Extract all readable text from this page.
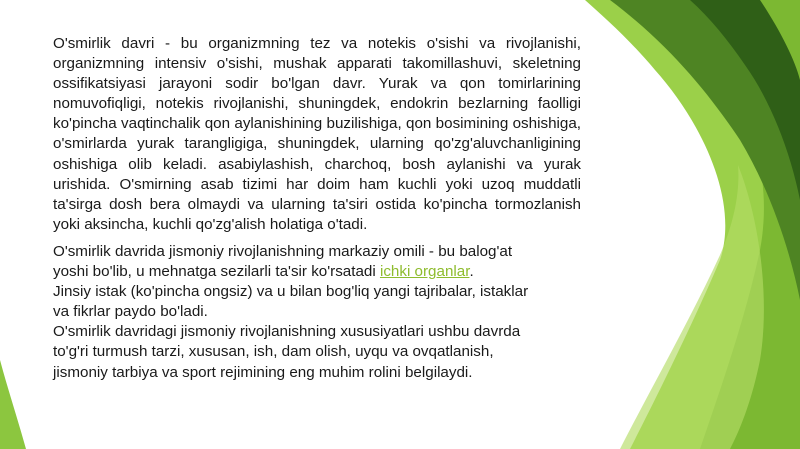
O'smirlik davri - bu organizmning tez va notekis o'sishi va rivojlanishi, organizmning intensiv o'sishi, mushak apparati takomillashuvi, skeletning ossifikatsiyasi jarayoni sodir bo'lgan davr. Yurak va qon tomirlarining nomuvofiqligi, notekis rivojlanishi, shuningdek, endokrin bezlarning faolligi ko'pincha vaqtinchalik qon aylanishining buzilishiga, qon bosimining oshishiga, o'smirlarda yurak tarangligiga, shuningdek, ularning qo'zg'aluvchanligining oshishiga olib keladi. asabiylashish, charchoq, bosh aylanishi va yurak urishida. O'smirning asab tizimi har doim ham kuchli yoki uzoq muddatli ta'sirga dosh bera olmaydi va ularning ta'siri ostida ko'pincha tormozlanish yoki aksincha, kuchli qo'zg'alish holatiga o'tadi.

O'smirlik davrida jismoniy rivojlanishning markaziy omili - bu balog'at
yoshi bo'lib, u mehnatga sezilarli ta'sir ko'rsatadi ichki organlar.
Jinsiy istak (ko'pincha ongsiz) va u bilan bog'liq yangi tajribalar, istaklar
va fikrlar paydo bo'ladi.
O'smirlik davridagi jismoniy rivojlanishning xususiyatlari ushbu davrda
to'g'ri turmush tarzi, xususan, ish, dam olish, uyqu va ovqatlanish,
jismoniy tarbiya va sport rejimining eng muhim rolini belgilaydi.
